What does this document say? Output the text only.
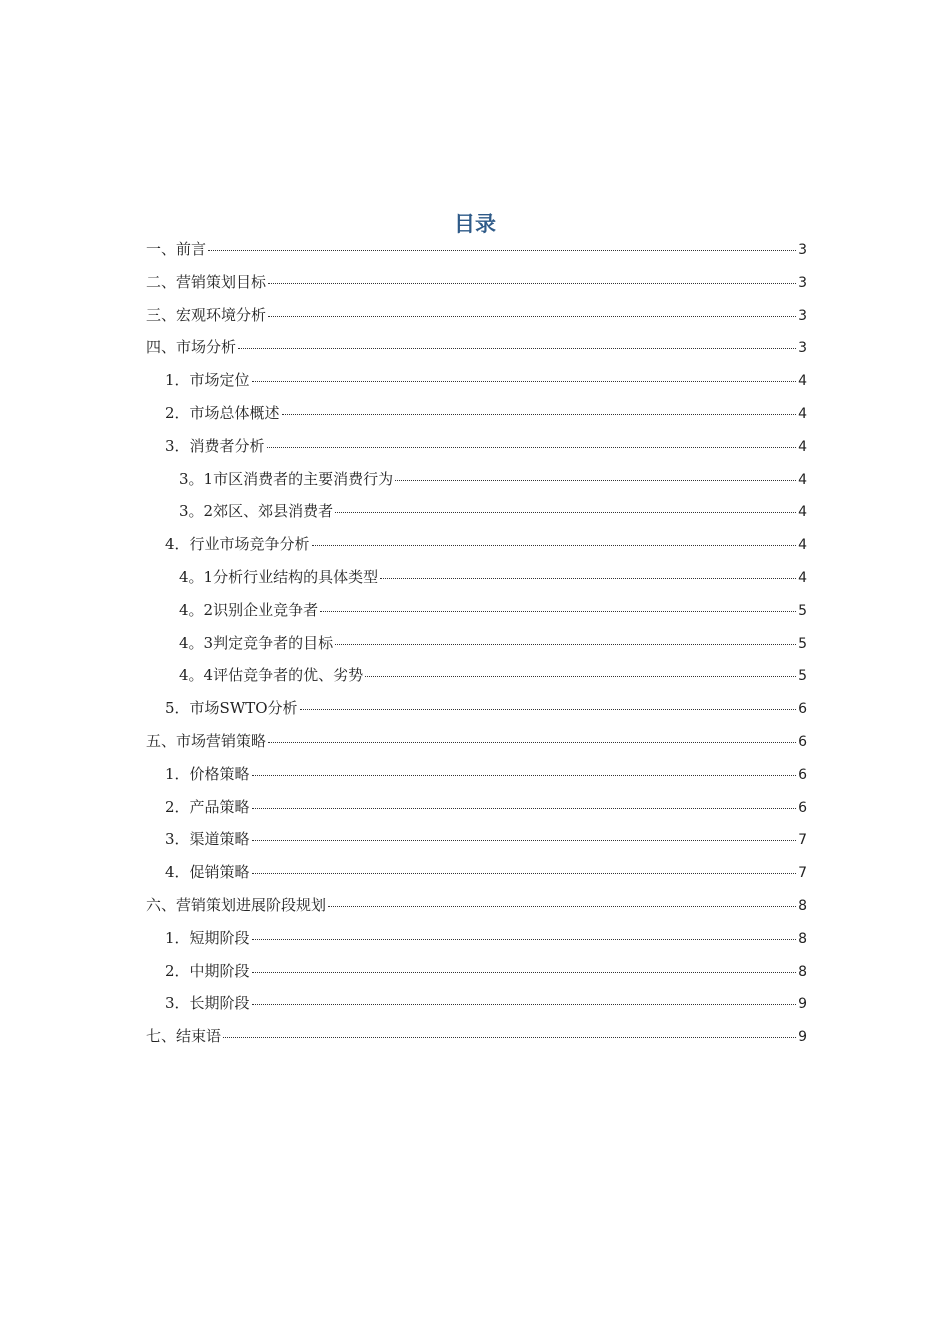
目录
一、前言	3
二、营销策划目标	3
三、宏观环境分析	3
四、市场分析	3
1．市场定位	4
2．市场总体概述	4
3．消费者分析	4
3。1市区消费者的主要消费行为	4
3。2郊区、郊县消费者	4
4．行业市场竞争分析	4
4。1分析行业结构的具体类型	4
4。2识别企业竞争者	5
4。3判定竞争者的目标	5
4。4评估竞争者的优、劣势	5
5．市场SWTO分析	6
五、市场营销策略	6
1．价格策略	6
2．产品策略	6
3．渠道策略	7
4．促销策略	7
六、营销策划进展阶段规划	8
1．短期阶段	8
2．中期阶段	8
3．长期阶段	9
七、结束语	9
